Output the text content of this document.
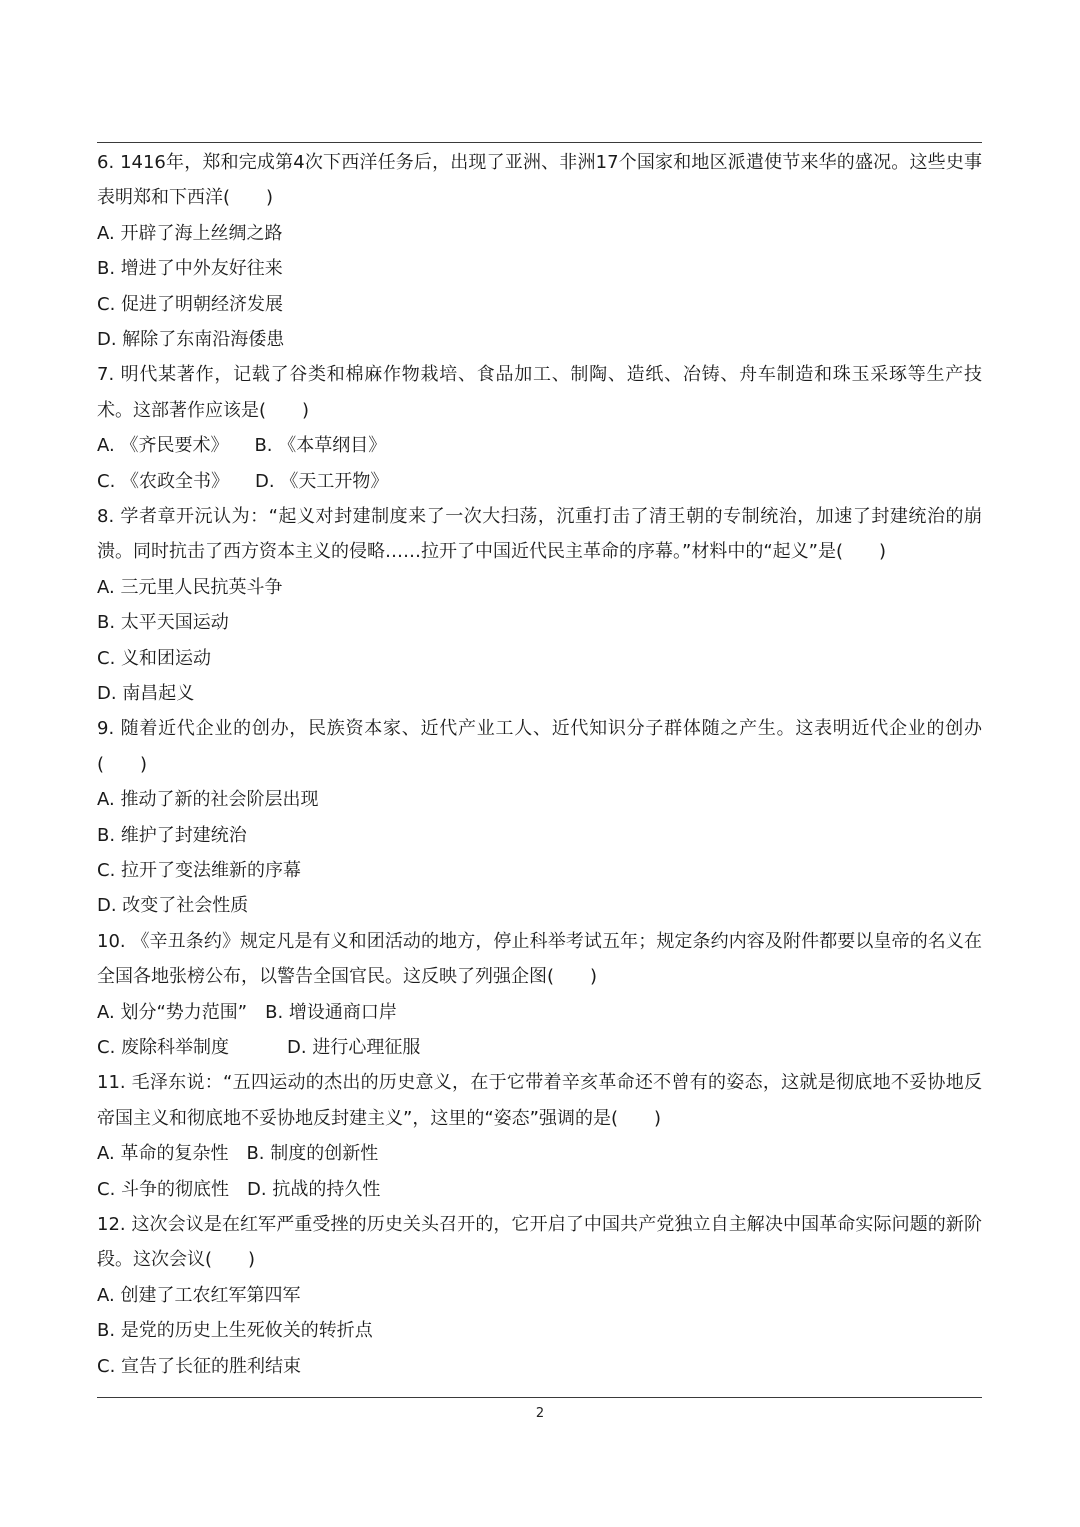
6. 1416年，郑和完成第4次下西洋任务后，出现了亚洲、非洲17个国家和地区派遣使节来华的盛况。这些史事表明郑和下西洋(　　)
A. 开辟了海上丝绸之路
B. 增进了中外友好往来
C. 促进了明朝经济发展
D. 解除了东南沿海倭患
7. 明代某著作，记载了谷类和棉麻作物栽培、食品加工、制陶、造纸、冶铸、舟车制造和珠玉采琢等生产技术。这部著作应该是(　　)
A. 《齐民要术》 B. 《本草纲目》
C. 《农政全书》 D. 《天工开物》
8. 学者章开沅认为：“起义对封建制度来了一次大扫荡，沉重打击了清王朝的专制统治，加速了封建统治的崩溃。同时抗击了西方资本主义的侵略……拉开了中国近代民主革命的序幕。”材料中的“起义”是(　　)
A. 三元里人民抗英斗争
B. 太平天国运动
C. 义和团运动
D. 南昌起义
9. 随着近代企业的创办，民族资本家、近代产业工人、近代知识分子群体随之产生。这表明近代企业的创办(　　)
A. 推动了新的社会阶层出现
B. 维护了封建统治
C. 拉开了变法维新的序幕
D. 改变了社会性质
10. 《辛丑条约》规定凡是有义和团活动的地方，停止科举考试五年；规定条约内容及附件都要以皇帝的名义在全国各地张榜公布，以警告全国官民。这反映了列强企图(　　)
A. 划分“势力范围” B. 增设通商口岸
C. 废除科举制度	D. 进行心理征服
11. 毛泽东说：“五四运动的杰出的历史意义，在于它带着辛亥革命还不曾有的姿态，这就是彻底地不妥协地反帝国主义和彻底地不妥协地反封建主义”，这里的“姿态”强调的是(　　)
A. 革命的复杂性 B. 制度的创新性
C. 斗争的彻底性 D. 抗战的持久性
12. 这次会议是在红军严重受挫的历史关头召开的，它开启了中国共产党独立自主解决中国革命实际问题的新阶段。这次会议(　　)
A. 创建了工农红军第四军
B. 是党的历史上生死攸关的转折点
C. 宣告了长征的胜利结束
2
